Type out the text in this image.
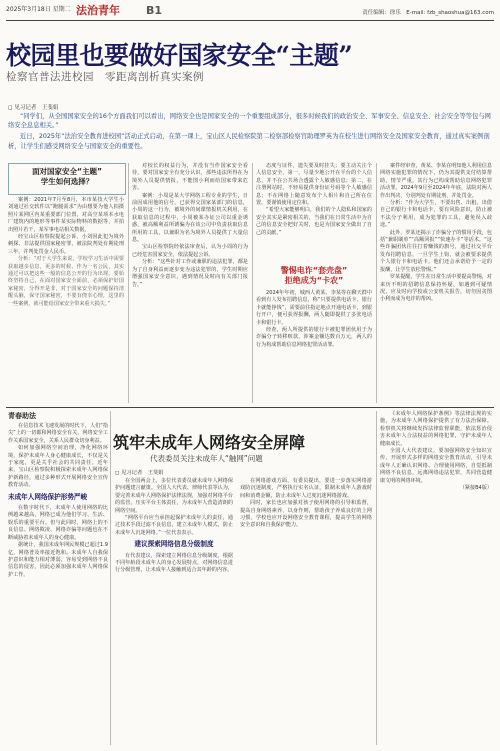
2025年3月18日 星期二 法治青年 B1	责任编辑：徐乐　E-mail: fzb_shaoshua@163.com
校园里也要做好国家安全“主题”
检察官普法进校园　零距离剖析真实案例
◻ 见习记者　王斐娟

“同学们，从全国国家安全的16个方面我们可以看出，网络安全也是国家安全的一个重要组成部分，很多时候我们的政治安全、军事安全、信息安全、社会安全等等包与网络安全息息相关。”

近日，2025年“法治安全教育进校园”活动正式启动，在第一课上，宝山区人民检察院第二检察部检察官助理罗英为在校生进行网络安全及国家安全教育，通过真实案例剖析，让学生们感受网络安全与国家安全的重要性。

面对国家安全“主题”
学生如何选择？

案例：2021年7月至8月，本市某技大学生小刘通过社交软件以“跑腿需求”为由想要为他人拍摄照片某网区内某重要部门位置，对高空某项本水电厂建筑内的地形等事件某实际物料的数据等，并拍出照片若干，某军事电站相关数据。

经宝山区检察院提起公诉，小刘因此犯为境外刺探、非法提供国家秘密罪，被法院判处有期徒刑三年，并判处罚金人民币。

分析：“对于大学生来说，学校学习生活中需要获取越多信息，更多的时候，作为一名公民，其实通过可以把这些一般的信息公开的行为出现。要始终坚持自己，在面对国家安全面前，必须保护好国家秘密，分得开是非，对于国家安全的问题保持清醒头脑，保守国家秘密，不要有侥幸心理，这里的一些案例，就可能给国家安全带来重大损失。”

对校长的权益行为，并没有当作国家安全看待，要对国家安全有充分认识，那些违法所得在为境外人员提供情报，不能图小利而给国家带来危害。

案例：小周是某大学网络工程专业的学生，日前因成用他的信号，已获得交国家某部门的信息，小周的这一行为，被境外的间谍情报机关利用，在获取信息的过程中，小周被某办证公司以重金诱惑，被高额利益所诱骗为在该公司中负责获取信息所用的工具，以兼职为名为境外人员提供了大量信息。

宝山区检察院经依法审查后，认为小周的行为已经危害国家安全，依法提起公诉。

分析：“这些针对工作或兼职的违法犯罪，都是为了自身利益而逐步变为违法犯罪的，学生时期应增强国家安全意识，遇到情况及时向有关部门报告。”

态度与证件，遗失要及时挂失；要主动关注个人信息安全，第一，尽量少地公开在平台的个人信息，并不在公共场合透露个人敏感信息；第二，在注册网站时，不轻易提供身份证号码等个人敏感信息；不在网络上随意发布个人相片和自己所在位置，要谨慎使用定位和。

“希望大家能够明白，我们的个人隐私和国家的安全其实是紧密相关的，当我们在日常生活中为自己的信息安全把好关时，也是为国家安全做出了自己的贡献。”

警惕电诈“套壳盘”
拒绝成为“卡农”

2024年年初，城西人黄某、李某等在聊天群中看到有人发布招聘信息，称“只要提供电话卡、银行卡就能挣钱”，需要前往指定地点开通电话卡，到银行开户，便可获得报酬，两人随即提供了多张电话卡和银行卡。

经查，两人所提供的银行卡被犯罪团伙用于为诈骗分子转移赃款，涉案金额达数百万元，两人的行为构成帮助信息网络犯罪活动罪。

案件经审查，黄某、李某在明知他人利用信息网络实施犯罪的情况下，仍为其提供支付结算帮助，情节严重，其行为已构成帮助信息网络犯罪活动罪。2024年9月至2024年年底，法院对两人作出判决，分别判处有期徒刑，并处罚金。

分析：“作为大学生，不要出售、出租、出借自己的银行卡和电话卡，要有风险意识，防止被不法分子利用，成为犯罪的工具，避免误入歧途。”

此外，罗某还揭示了诈骗分子的惯用手段，包括“兼职刷单”“高额回报”“快速办卡”等话术。“这些诈骗团伙往往打着赚钱的旗号，通过社交平台发布招聘信息，一旦学生上钩，就会被要求提供个人银行卡和电话卡。他们还会承诺给予一定的报酬，让学生放松警惕。”

罗某提醒，学生在日常生活中要提高警惕，对来历不明的招聘信息保持怀疑，如遇到可疑情况，应及时向学校或公安机关报告，切勿因贪图小利而成为电诈的帮凶。

青春助法

在信息技术飞速发展的时代下，人们“指尖”上的一切都和网络安全有关，网络安全工作关系国家安全，关系人民群众切身利益。

如何加强网络空间治理，净化网络环境，保护未成年人身心健康成长，不仅是关于家庭，更是关乎社会的共同责任。近年来，宝山区检察院积极探索未成年人网络保护新路径，通过多种形式开展网络安全宣传教育活动。

未成年人网络保护形势严峻

在数字时代下，未成年人使用网络的比例越来越高，网络已成为他们学习、生活、娱乐的重要平台。但与此同时，网络上的不良信息、网络欺凌、网络诈骗等问题也在不断威胁着未成年人的身心健康。

据统计，我国未成年网民规模已超过1.9亿，网络普及率接近饱和。未成年人自我保护意识和能力相对薄弱，容易受到网络不良信息的侵害，因此必须加强未成年人网络保护工作。

筑牢未成年人网络安全屏障
代表委员关注未成年人“触网”问题
◻ 见习记者　王斐娟

在全国两会上，多位代表委员就未成年人网络保护问题建言献策。全国人大代表、律师代表等认为，要完善未成年人网络保护法律法规，加强对网络平台的监管，压实平台主体责任，为未成年人营造清朗的网络空间。

“网络平台应当承担起保护未成年人的责任，通过技术手段过滤不良信息，建立未成年人模式，防止未成年人沉迷网络。”一位代表表示。

建议探索网络信息分级制度

有代表建议，探索建立网络信息分级制度，根据不同年龄段未成年人的身心发展特点，对网络信息进行分级管理，让未成年人接触到适合其年龄的内容。

在网络游戏方面，有委员提出，要进一步落实网络游戏防沉迷制度，严格执行实名认证，限制未成年人游戏时间和消费金额，防止未成年人过度沉迷网络游戏。

同时，家长也应加强对孩子使用网络的引导和监督，提高自身网络素养，以身作则，帮助孩子养成良好的上网习惯。学校也应开设网络安全教育课程，提高学生的网络安全意识和自我保护能力。

《未成年人网络保护条例》等法律法规的实施，为未成年人网络保护提供了有力法治保障。检察机关将继续发挥法律监督职能，依法惩治侵害未成年人合法权益的网络犯罪，守护未成年人健康成长。

全国人大代表建议，要加强网络安全知识宣传，开展形式多样的网络安全教育活动，引导未成年人正确认识网络、合理使用网络，自觉抵制网络不良信息，远离网络违法犯罪，共同营造健康文明的网络环境。

（紧接B4版）
